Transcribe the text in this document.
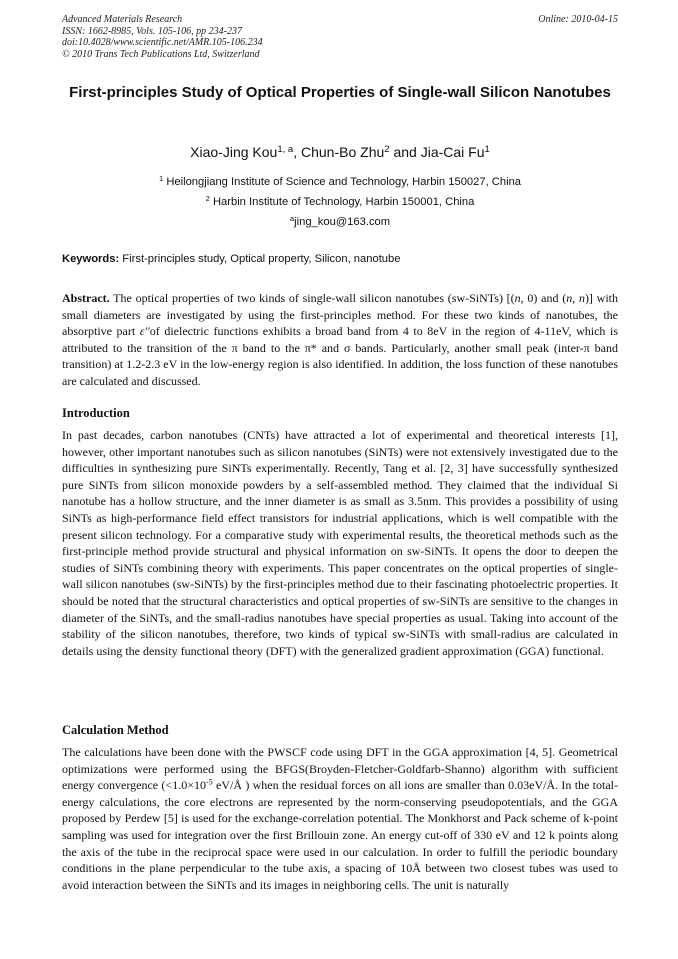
Advanced Materials Research
ISSN: 1662-8985, Vols. 105-106, pp 234-237
doi:10.4028/www.scientific.net/AMR.105-106.234
© 2010 Trans Tech Publications Ltd, Switzerland
Online: 2010-04-15
First-principles Study of Optical Properties of Single-wall Silicon Nanotubes
Xiao-Jing Kou$^{1, a}$, Chun-Bo Zhu$^2$ and Jia-Cai Fu$^1$
$^1$ Heilongjiang Institute of Science and Technology, Harbin 150027, China
$^2$ Harbin Institute of Technology, Harbin 150001, China
$^a$jing_kou@163.com
Keywords: First-principles study, Optical property, Silicon, nanotube
Abstract. The optical properties of two kinds of single-wall silicon nanotubes (sw-SiNTs) [(n, 0) and (n, n)] with small diameters are investigated by using the first-principles method. For these two kinds of nanotubes, the absorptive part ε′′of dielectric functions exhibits a broad band from 4 to 8eV in the region of 4-11eV, which is attributed to the transition of the π band to the π* and σ bands. Particularly, another small peak (inter-π band transition) at 1.2-2.3 eV in the low-energy region is also identified. In addition, the loss function of these nanotubes are calculated and discussed.
Introduction
In past decades, carbon nanotubes (CNTs) have attracted a lot of experimental and theoretical interests [1], however, other important nanotubes such as silicon nanotubes (SiNTs) were not extensively investigated due to the difficulties in synthesizing pure SiNTs experimentally. Recently, Tang et al. [2, 3] have successfully synthesized pure SiNTs from silicon monoxide powders by a self-assembled method. They claimed that the individual Si nanotube has a hollow structure, and the inner diameter is as small as 3.5nm. This provides a possibility of using SiNTs as high-performance field effect transistors for industrial applications, which is well compatible with the present silicon technology. For a comparative study with experimental results, the theoretical methods such as the first-principle method provide structural and physical information on sw-SiNTs. It opens the door to deepen the studies of SiNTs combining theory with experiments. This paper concentrates on the optical properties of single-wall silicon nanotubes (sw-SiNTs) by the first-principles method due to their fascinating photoelectric properties. It should be noted that the structural characteristics and optical properties of sw-SiNTs are sensitive to the changes in diameter of the SiNTs, and the small-radius nanotubes have special properties as usual. Taking into account of the stability of the silicon nanotubes, therefore, two kinds of typical sw-SiNTs with small-radius are calculated in details using the density functional theory (DFT) with the generalized gradient approximation (GGA) functional.
Calculation Method
The calculations have been done with the PWSCF code using DFT in the GGA approximation [4, 5]. Geometrical optimizations were performed using the BFGS(Broyden-Fletcher-Goldfarb-Shanno) algorithm with sufficient energy convergence ($<1.0\times 10^{-5}$ eV/Å ) when the residual forces on all ions are smaller than 0.03eV/Å. In the total-energy calculations, the core electrons are represented by the norm-conserving pseudopotentials, and the GGA proposed by Perdew [5] is used for the exchange-correlation potential. The Monkhorst and Pack scheme of k-point sampling was used for integration over the first Brillouin zone. An energy cut-off of 330 eV and 12 k points along the axis of the tube in the reciprocal space were used in our calculation. In order to fulfill the periodic boundary conditions in the plane perpendicular to the tube axis, a spacing of 10Å between two closest tubes was used to avoid interaction between the SiNTs and its images in neighboring cells. The unit is naturally
